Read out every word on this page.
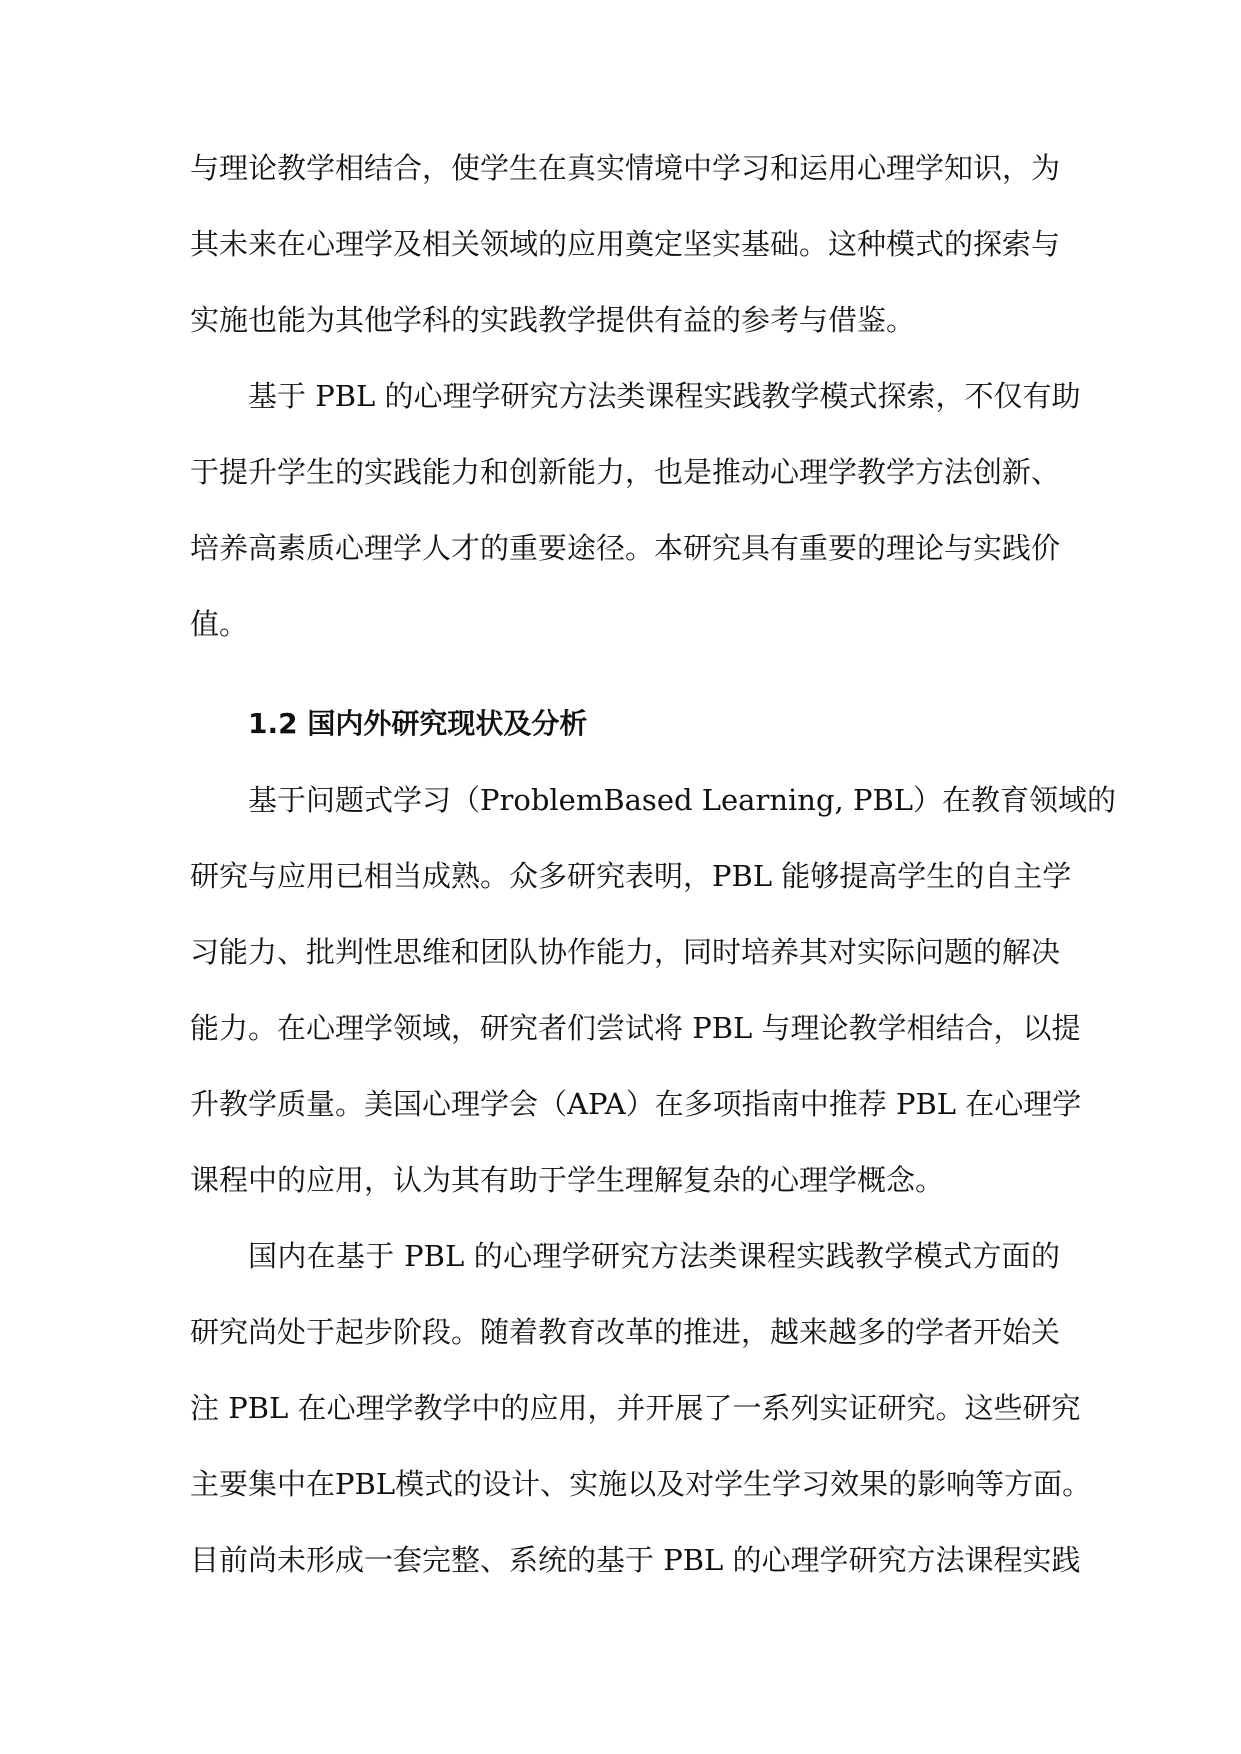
与理论教学相结合，使学生在真实情境中学习和运用心理学知识，为
其未来在心理学及相关领域的应用奠定坚实基础。这种模式的探索与
实施也能为其他学科的实践教学提供有益的参考与借鉴。
基于 PBL 的心理学研究方法类课程实践教学模式探索，不仅有助
于提升学生的实践能力和创新能力，也是推动心理学教学方法创新、
培养高素质心理学人才的重要途径。本研究具有重要的理论与实践价
值。
1.2 国内外研究现状及分析
基于问题式学习（ProblemBased Learning, PBL）在教育领域的
研究与应用已相当成熟。众多研究表明，PBL 能够提高学生的自主学
习能力、批判性思维和团队协作能力，同时培养其对实际问题的解决
能力。在心理学领域，研究者们尝试将 PBL 与理论教学相结合，以提
升教学质量。美国心理学会（APA）在多项指南中推荐 PBL 在心理学
课程中的应用，认为其有助于学生理解复杂的心理学概念。
国内在基于 PBL 的心理学研究方法类课程实践教学模式方面的
研究尚处于起步阶段。随着教育改革的推进，越来越多的学者开始关
注 PBL 在心理学教学中的应用，并开展了一系列实证研究。这些研究
主要集中在PBL模式的设计、实施以及对学生学习效果的影响等方面。
目前尚未形成一套完整、系统的基于 PBL 的心理学研究方法课程实践
